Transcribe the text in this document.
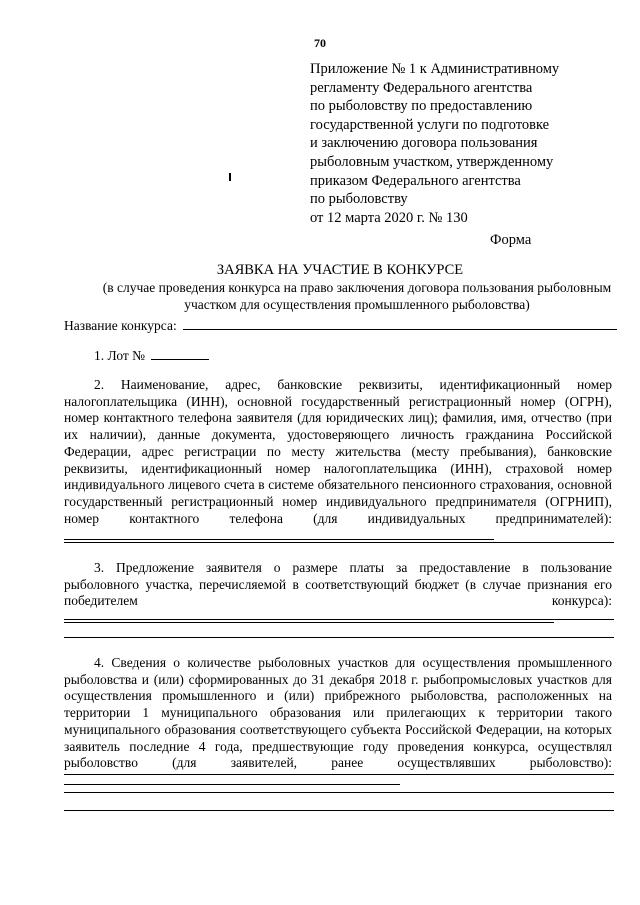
70
Приложение № 1 к Административному
регламенту Федерального агентства
по рыболовству по предоставлению
государственной услуги по подготовке
и заключению договора пользования
рыболовным участком, утвержденному
приказом Федерального агентства
по рыболовству
от 12 марта 2020 г. № 130
Форма
ЗАЯВКА НА УЧАСТИЕ В КОНКУРСЕ
(в случае проведения конкурса на право заключения договора пользования рыболовным
участком для осуществления промышленного рыболовства)
Название конкурса:
1. Лот №
2. Наименование, адрес, банковские реквизиты, идентификационный номер налогоплательщика (ИНН), основной государственный регистрационный номер (ОГРН), номер контактного телефона заявителя (для юридических лиц); фамилия, имя, отчество (при их наличии), данные документа, удостоверяющего личность гражданина Российской Федерации, адрес регистрации по месту жительства (месту пребывания), банковские реквизиты, идентификационный номер налогоплательщика (ИНН), страховой номер индивидуального лицевого счета в системе обязательного пенсионного страхования, основной государственный регистрационный номер индивидуального предпринимателя (ОГРНИП), номер контактного телефона (для индивидуальных предпринимателей):
3. Предложение заявителя о размере платы за предоставление в пользование рыболовного участка, перечисляемой в соответствующий бюджет (в случае признания его победителем конкурса):
4. Сведения о количестве рыболовных участков для осуществления промышленного рыболовства и (или) сформированных до 31 декабря 2018 г. рыбопромысловых участков для осуществления промышленного и (или) прибрежного рыболовства, расположенных на территории 1 муниципального образования или прилегающих к территории такого муниципального образования соответствующего субъекта Российской Федерации, на которых заявитель последние 4 года, предшествующие году проведения конкурса, осуществлял рыболовство (для заявителей, ранее осуществлявших рыболовство):
